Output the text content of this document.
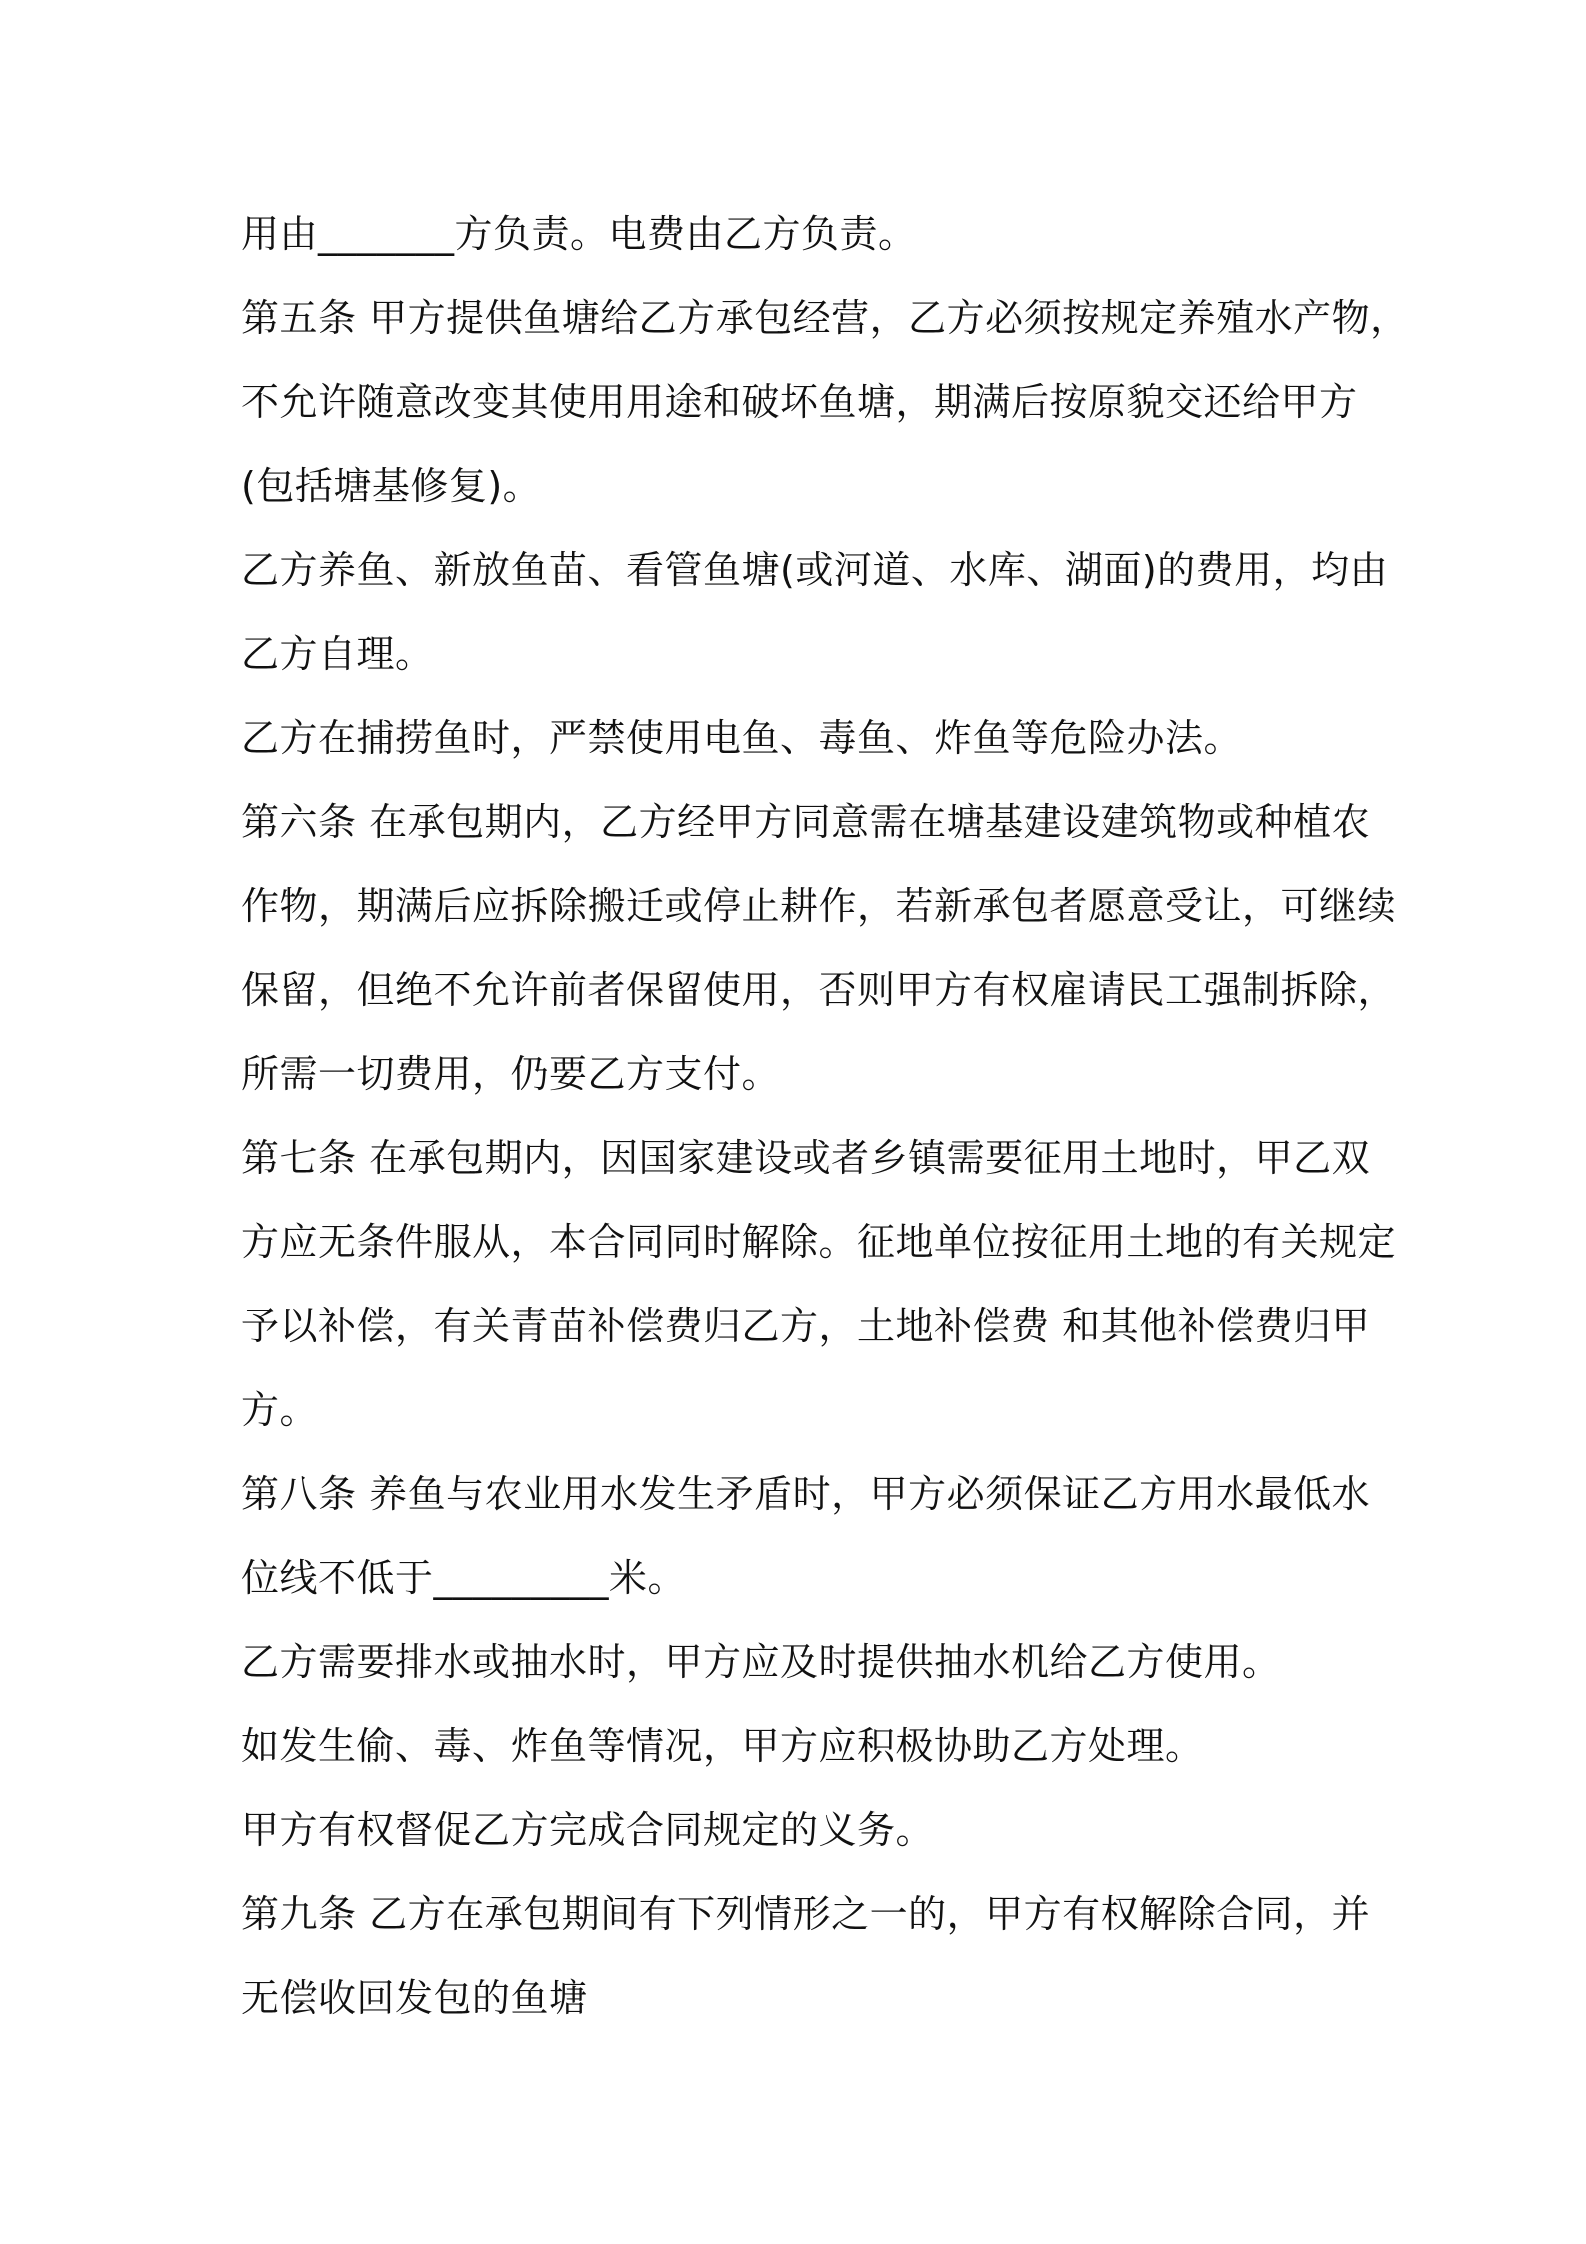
用由_______方负责。电费由乙方负责。
第五条 甲方提供鱼塘给乙方承包经营，乙方必须按规定养殖水产物，
不允许随意改变其使用用途和破坏鱼塘，期满后按原貌交还给甲方
(包括塘基修复)。
乙方养鱼、新放鱼苗、看管鱼塘(或河道、水库、湖面)的费用，均由
乙方自理。
乙方在捕捞鱼时，严禁使用电鱼、毒鱼、炸鱼等危险办法。
第六条 在承包期内，乙方经甲方同意需在塘基建设建筑物或种植农
作物，期满后应拆除搬迁或停止耕作，若新承包者愿意受让，可继续
保留，但绝不允许前者保留使用，否则甲方有权雇请民工强制拆除，
所需一切费用，仍要乙方支付。
第七条 在承包期内，因国家建设或者乡镇需要征用土地时，甲乙双
方应无条件服从，本合同同时解除。征地单位按征用土地的有关规定
予以补偿，有关青苗补偿费归乙方，土地补偿费 和其他补偿费归甲
方。
第八条 养鱼与农业用水发生矛盾时，甲方必须保证乙方用水最低水
位线不低于_________米。
乙方需要排水或抽水时，甲方应及时提供抽水机给乙方使用。
如发生偷、毒、炸鱼等情况，甲方应积极协助乙方处理。
甲方有权督促乙方完成合同规定的义务。
第九条 乙方在承包期间有下列情形之一的，甲方有权解除合同，并
无偿收回发包的鱼塘
